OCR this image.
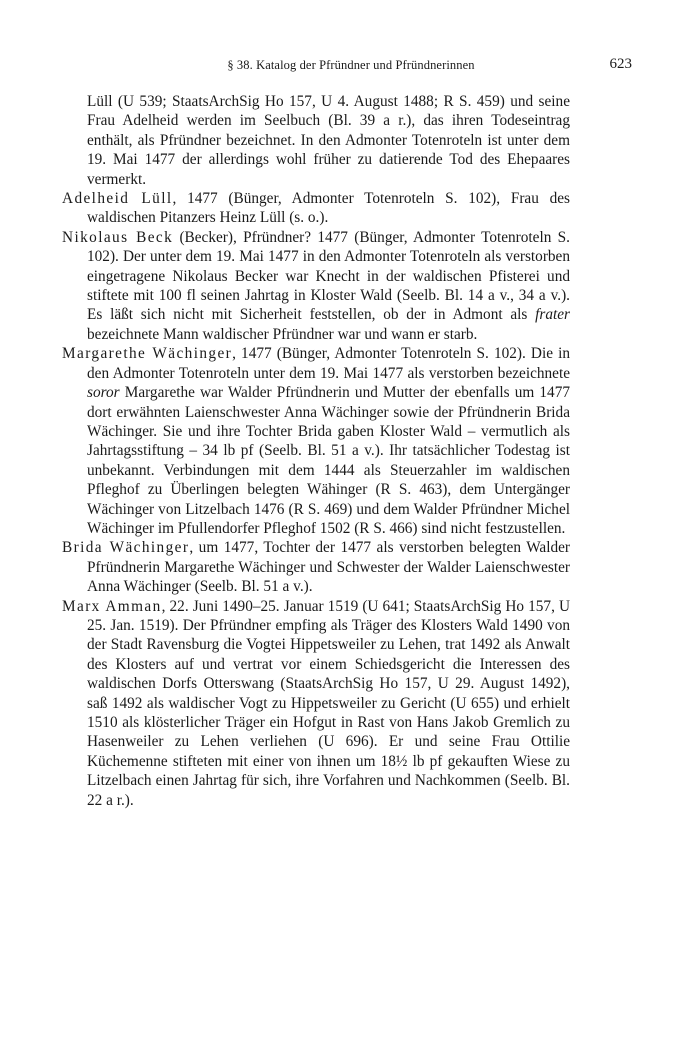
§ 38. Katalog der Pfründner und Pfründnerinnen	623

Lüll (U 539; StaatsArchSig Ho 157, U 4. August 1488; R S. 459) und seine Frau Adelheid werden im Seelbuch (Bl. 39 a r.), das ihren Todeseintrag enthält, als Pfründner bezeichnet. In den Admonter Totenroteln ist unter dem 19. Mai 1477 der allerdings wohl früher zu datierende Tod des Ehepaares vermerkt.

Adelheid Lüll, 1477 (Bünger, Admonter Totenroteln S. 102), Frau des waldischen Pitanzers Heinz Lüll (s. o.).

Nikolaus Beck (Becker), Pfründner? 1477 (Bünger, Admonter Totenroteln S. 102). Der unter dem 19. Mai 1477 in den Admonter Totenroteln als verstorben eingetragene Nikolaus Becker war Knecht in der waldischen Pfisterei und stiftete mit 100 fl seinen Jahrtag in Kloster Wald (Seelb. Bl. 14 a v., 34 a v.). Es läßt sich nicht mit Sicherheit feststellen, ob der in Admont als frater bezeichnete Mann waldischer Pfründner war und wann er starb.

Margarethe Wächinger, 1477 (Bünger, Admonter Totenroteln S. 102). Die in den Admonter Totenroteln unter dem 19. Mai 1477 als verstorben bezeichnete soror Margarethe war Walder Pfründnerin und Mutter der ebenfalls um 1477 dort erwähnten Laienschwester Anna Wächinger sowie der Pfründnerin Brida Wächinger. Sie und ihre Tochter Brida gaben Kloster Wald – vermutlich als Jahrtagsstiftung – 34 lb pf (Seelb. Bl. 51 a v.). Ihr tatsächlicher Todestag ist unbekannt. Verbindungen mit dem 1444 als Steuerzahler im waldischen Pfleghof zu Überlingen belegten Wähinger (R S. 463), dem Untergänger Wächinger von Litzelbach 1476 (R S. 469) und dem Walder Pfründner Michel Wächinger im Pfullendorfer Pfleghof 1502 (R S. 466) sind nicht festzustellen.

Brida Wächinger, um 1477, Tochter der 1477 als verstorben belegten Walder Pfründnerin Margarethe Wächinger und Schwester der Walder Laienschwester Anna Wächinger (Seelb. Bl. 51 a v.).

Marx Amman, 22. Juni 1490–25. Januar 1519 (U 641; StaatsArchSig Ho 157, U 25. Jan. 1519). Der Pfründner empfing als Träger des Klosters Wald 1490 von der Stadt Ravensburg die Vogtei Hippetsweiler zu Lehen, trat 1492 als Anwalt des Klosters auf und vertrat vor einem Schiedsgericht die Interessen des waldischen Dorfs Otterswang (StaatsArchSig Ho 157, U 29. August 1492), saß 1492 als waldischer Vogt zu Hippetsweiler zu Gericht (U 655) und erhielt 1510 als klösterlicher Träger ein Hofgut in Rast von Hans Jakob Gremlich zu Hasenweiler zu Lehen verliehen (U 696). Er und seine Frau Ottilie Küchemenne stifteten mit einer von ihnen um 18½ lb pf gekauften Wiese zu Litzelbach einen Jahrtag für sich, ihre Vorfahren und Nachkommen (Seelb. Bl. 22 a r.).
